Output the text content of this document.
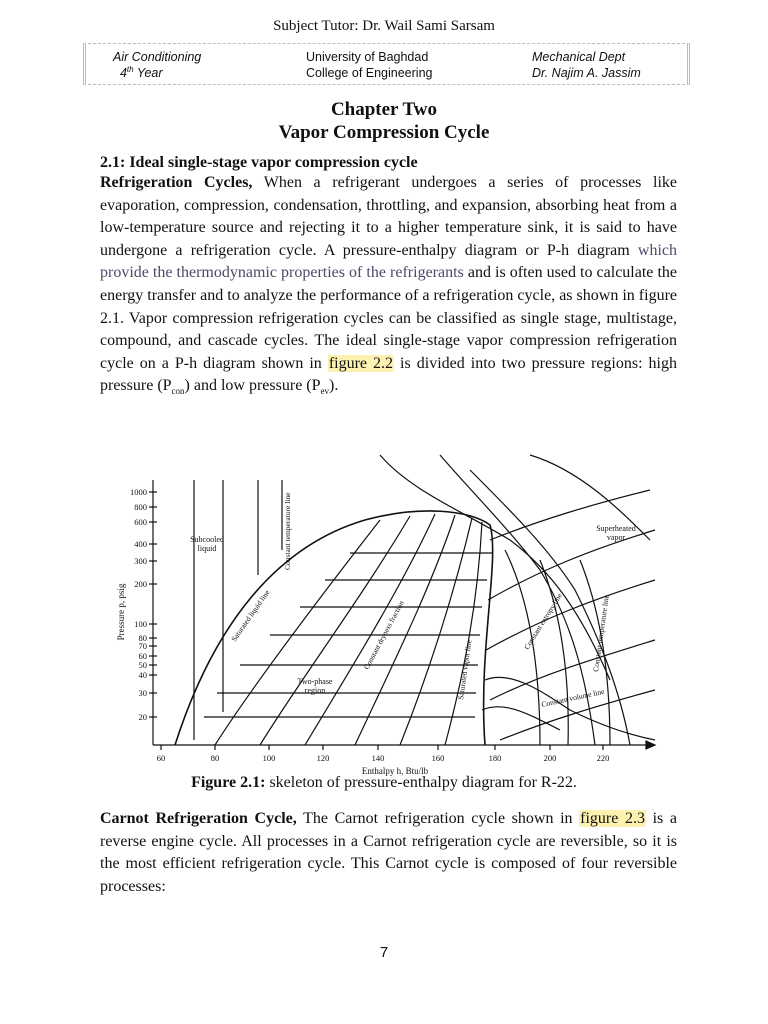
Subject Tutor: Dr. Wail Sami Sarsam
Air Conditioning
4th Year
University of Baghdad
College of Engineering
Mechanical Dept
Dr. Najim A. Jassim
Chapter Two
Vapor Compression Cycle
2.1: Ideal single-stage vapor compression cycle
Refrigeration Cycles, When a refrigerant undergoes a series of processes like evaporation, compression, condensation, throttling, and expansion, absorbing heat from a low-temperature source and rejecting it to a higher temperature sink, it is said to have undergone a refrigeration cycle. A pressure-enthalpy diagram or P-h diagram which provide the thermodynamic properties of the refrigerants and is often used to calculate the energy transfer and to analyze the performance of a refrigeration cycle, as shown in figure 2.1. Vapor compression refrigeration cycles can be classified as single stage, multistage, compound, and cascade cycles. The ideal single-stage vapor compression refrigeration cycle on a P-h diagram shown in figure 2.2 is divided into two pressure regions: high pressure $(P_{con})$ and low pressure $(P_{ev})$.
1000
800
600
400
300
200
100
80
70
60
50
40
30
20
60	80	100	120	140	160	180	200	220
Enthalpy h, Btu/lb
Pressure p, psig
Subcooled
liquid
Superheated
vapor
Two-phase
region
Constant temperature line
Saturated liquid line	Constant dryness fraction	Saturated vapor line
Constant entropy line	Constant temperature line
Constant volume line
Figure 2.1: skeleton of pressure-enthalpy diagram for R-22.
Carnot Refrigeration Cycle, The Carnot refrigeration cycle shown in figure 2.3 is a reverse engine cycle. All processes in a Carnot refrigeration cycle are reversible, so it is the most efficient refrigeration cycle. This Carnot cycle is composed of four reversible processes:
7
